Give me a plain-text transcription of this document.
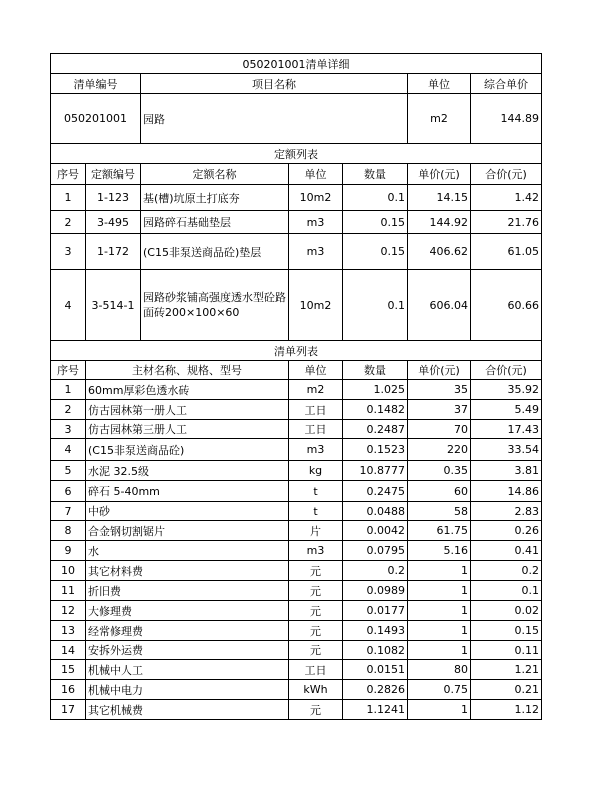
050201001清单详细						
清单编号		项目名称			单位	综合单价
050201001		园路			m2	144.89
定额列表						
序号	定额编号	定额名称	单位	数量	单价(元)	合价(元)
1	1-123	基(槽)坑原土打底夯	10m2	0.1	14.15	1.42
2	3-495	园路碎石基础垫层	m3	0.15	144.92	21.76
3	1-172	(C15非泵送商品砼)垫层	m3	0.15	406.62	61.05
4	3-514-1	园路砂浆铺高强度透水型砼路面砖200×100×60	10m2	0.1	606.04	60.66
清单列表						
序号	主材名称、规格、型号		单位	数量	单价(元)	合价(元)
1	60mm厚彩色透水砖		m2	1.025	35	35.92
2	仿古园林第一册人工		工日	0.1482	37	5.49
3	仿古园林第三册人工		工日	0.2487	70	17.43
4	(C15非泵送商品砼)		m3	0.1523	220	33.54
5	水泥 32.5级		kg	10.8777	0.35	3.81
6	碎石 5-40mm		t	0.2475	60	14.86
7	中砂		t	0.0488	58	2.83
8	合金钢切割锯片		片	0.0042	61.75	0.26
9	水		m3	0.0795	5.16	0.41
10	其它材料费		元	0.2	1	0.2
11	折旧费		元	0.0989	1	0.1
12	大修理费		元	0.0177	1	0.02
13	经常修理费		元	0.1493	1	0.15
14	安拆外运费		元	0.1082	1	0.11
15	机械中人工		工日	0.0151	80	1.21
16	机械中电力		kWh	0.2826	0.75	0.21
17	其它机械费		元	1.1241	1	1.12
